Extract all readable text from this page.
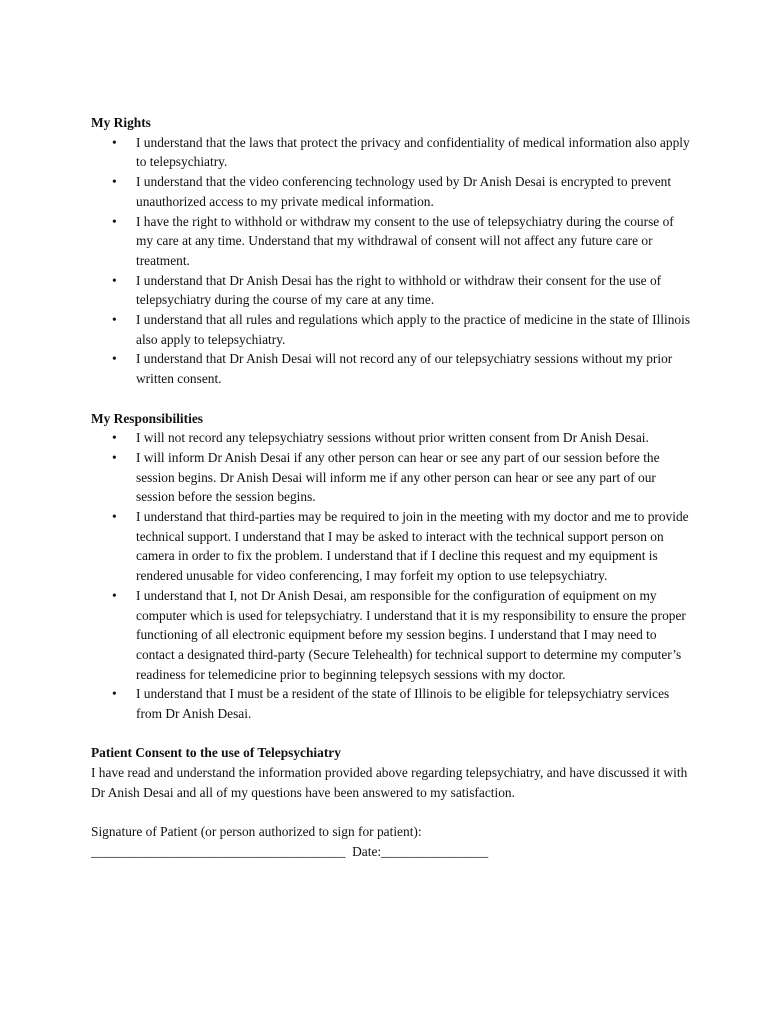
My Rights

• I understand that the laws that protect the privacy and confidentiality of medical information also apply to telepsychiatry.
• I understand that the video conferencing technology used by Dr Anish Desai is encrypted to prevent unauthorized access to my private medical information.
• I have the right to withhold or withdraw my consent to the use of telepsychiatry during the course of my care at any time. Understand that my withdrawal of consent will not affect any future care or treatment.
• I understand that Dr Anish Desai has the right to withhold or withdraw their consent for the use of telepsychiatry during the course of my care at any time.
• I understand that all rules and regulations which apply to the practice of medicine in the state of Illinois also apply to telepsychiatry.
• I understand that Dr Anish Desai will not record any of our telepsychiatry sessions without my prior written consent.

My Responsibilities

• I will not record any telepsychiatry sessions without prior written consent from Dr Anish Desai.
• I will inform Dr Anish Desai if any other person can hear or see any part of our session before the session begins. Dr Anish Desai will inform me if any other person can hear or see any part of our session before the session begins.
• I understand that third-parties may be required to join in the meeting with my doctor and me to provide technical support. I understand that I may be asked to interact with the technical support person on camera in order to fix the problem. I understand that if I decline this request and my equipment is rendered unusable for video conferencing, I may forfeit my option to use telepsychiatry.
• I understand that I, not Dr Anish Desai, am responsible for the configuration of equipment on my computer which is used for telepsychiatry. I understand that it is my responsibility to ensure the proper functioning of all electronic equipment before my session begins. I understand that I may need to contact a designated third-party (Secure Telehealth) for technical support to determine my computer’s readiness for telemedicine prior to beginning telepsych sessions with my doctor.
• I understand that I must be a resident of the state of Illinois to be eligible for telepsychiatry services from Dr Anish Desai.

Patient Consent to the use of Telepsychiatry

I have read and understand the information provided above regarding telepsychiatry, and have discussed it with Dr Anish Desai and all of my questions have been answered to my satisfaction.

Signature of Patient (or person authorized to sign for patient):

______________________________________  Date:________________
